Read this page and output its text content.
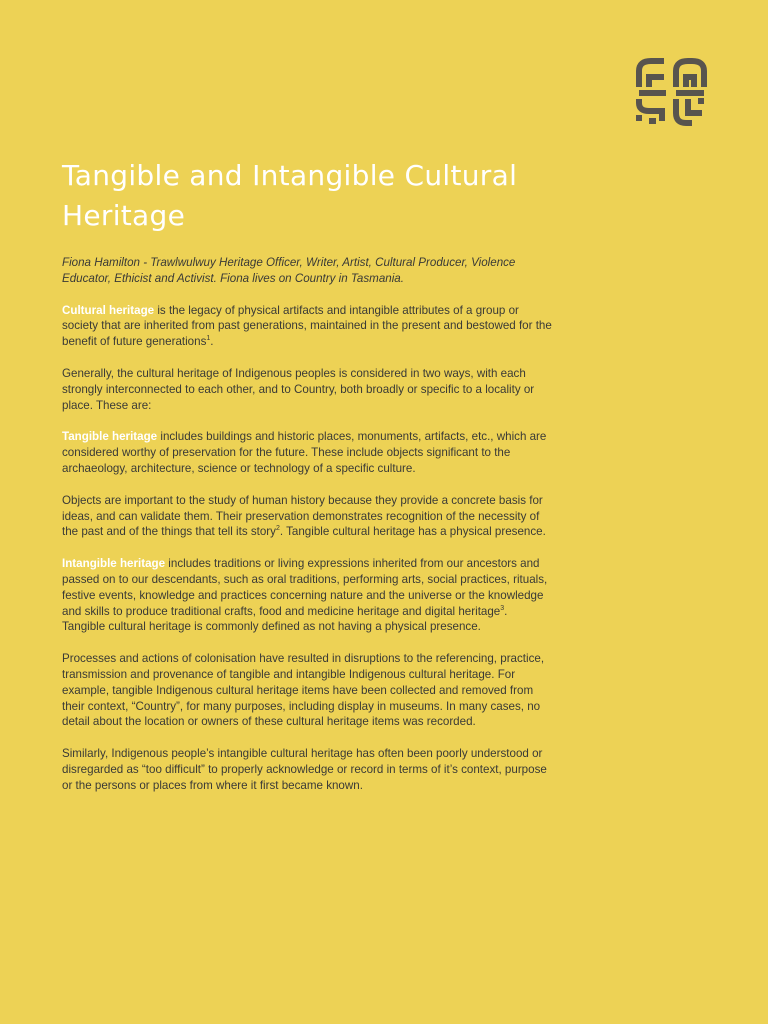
Tangible and Intangible Cultural Heritage

Fiona Hamilton - Trawlwulwuy Heritage Officer, Writer, Artist, Cultural Producer, Violence Educator, Ethicist and Activist. Fiona lives on Country in Tasmania.

Cultural heritage is the legacy of physical artifacts and intangible attributes of a group or society that are inherited from past generations, maintained in the present and bestowed for the benefit of future generations$^1$.

Generally, the cultural heritage of Indigenous peoples is considered in two ways, with each strongly interconnected to each other, and to Country, both broadly or specific to a locality or place. These are:

Tangible heritage includes buildings and historic places, monuments, artifacts, etc., which are considered worthy of preservation for the future. These include objects significant to the archaeology, architecture, science or technology of a specific culture.

Objects are important to the study of human history because they provide a concrete basis for ideas, and can validate them. Their preservation demonstrates recognition of the necessity of the past and of the things that tell its story$^2$. Tangible cultural heritage has a physical presence.

Intangible heritage includes traditions or living expressions inherited from our ancestors and passed on to our descendants, such as oral traditions, performing arts, social practices, rituals, festive events, knowledge and practices concerning nature and the universe or the knowledge and skills to produce traditional crafts, food and medicine heritage and digital heritage$^3$. Tangible cultural heritage is commonly defined as not having a physical presence.

Processes and actions of colonisation have resulted in disruptions to the referencing, practice, transmission and provenance of tangible and intangible Indigenous cultural heritage. For example, tangible Indigenous cultural heritage items have been collected and removed from their context, “Country”, for many purposes, including display in museums. In many cases, no detail about the location or owners of these cultural heritage items was recorded.

Similarly, Indigenous people’s intangible cultural heritage has often been poorly understood or disregarded as “too difficult” to properly acknowledge or record in terms of it’s context, purpose or the persons or places from where it first became known.
